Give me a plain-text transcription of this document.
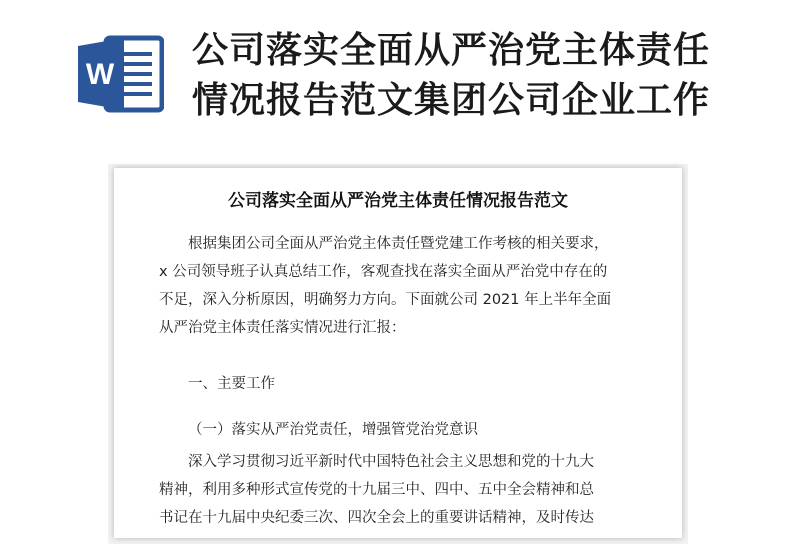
W
公司落实全面从严治党主体责任
情况报告范文集团公司企业工作
公司落实全面从严治党主体责任情况报告范文
根据集团公司全面从严治党主体责任暨党建工作考核的相关要求，
x 公司领导班子认真总结工作，客观查找在落实全面从严治党中存在的
不足，深入分析原因，明确努力方向。下面就公司 2021 年上半年全面
从严治党主体责任落实情况进行汇报：
一、主要工作
（一）落实从严治党责任，增强管党治党意识
深入学习贯彻习近平新时代中国特色社会主义思想和党的十九大
精神，利用多种形式宣传党的十九届三中、四中、五中全会精神和总
书记在十九届中央纪委三次、四次全会上的重要讲话精神，及时传达
